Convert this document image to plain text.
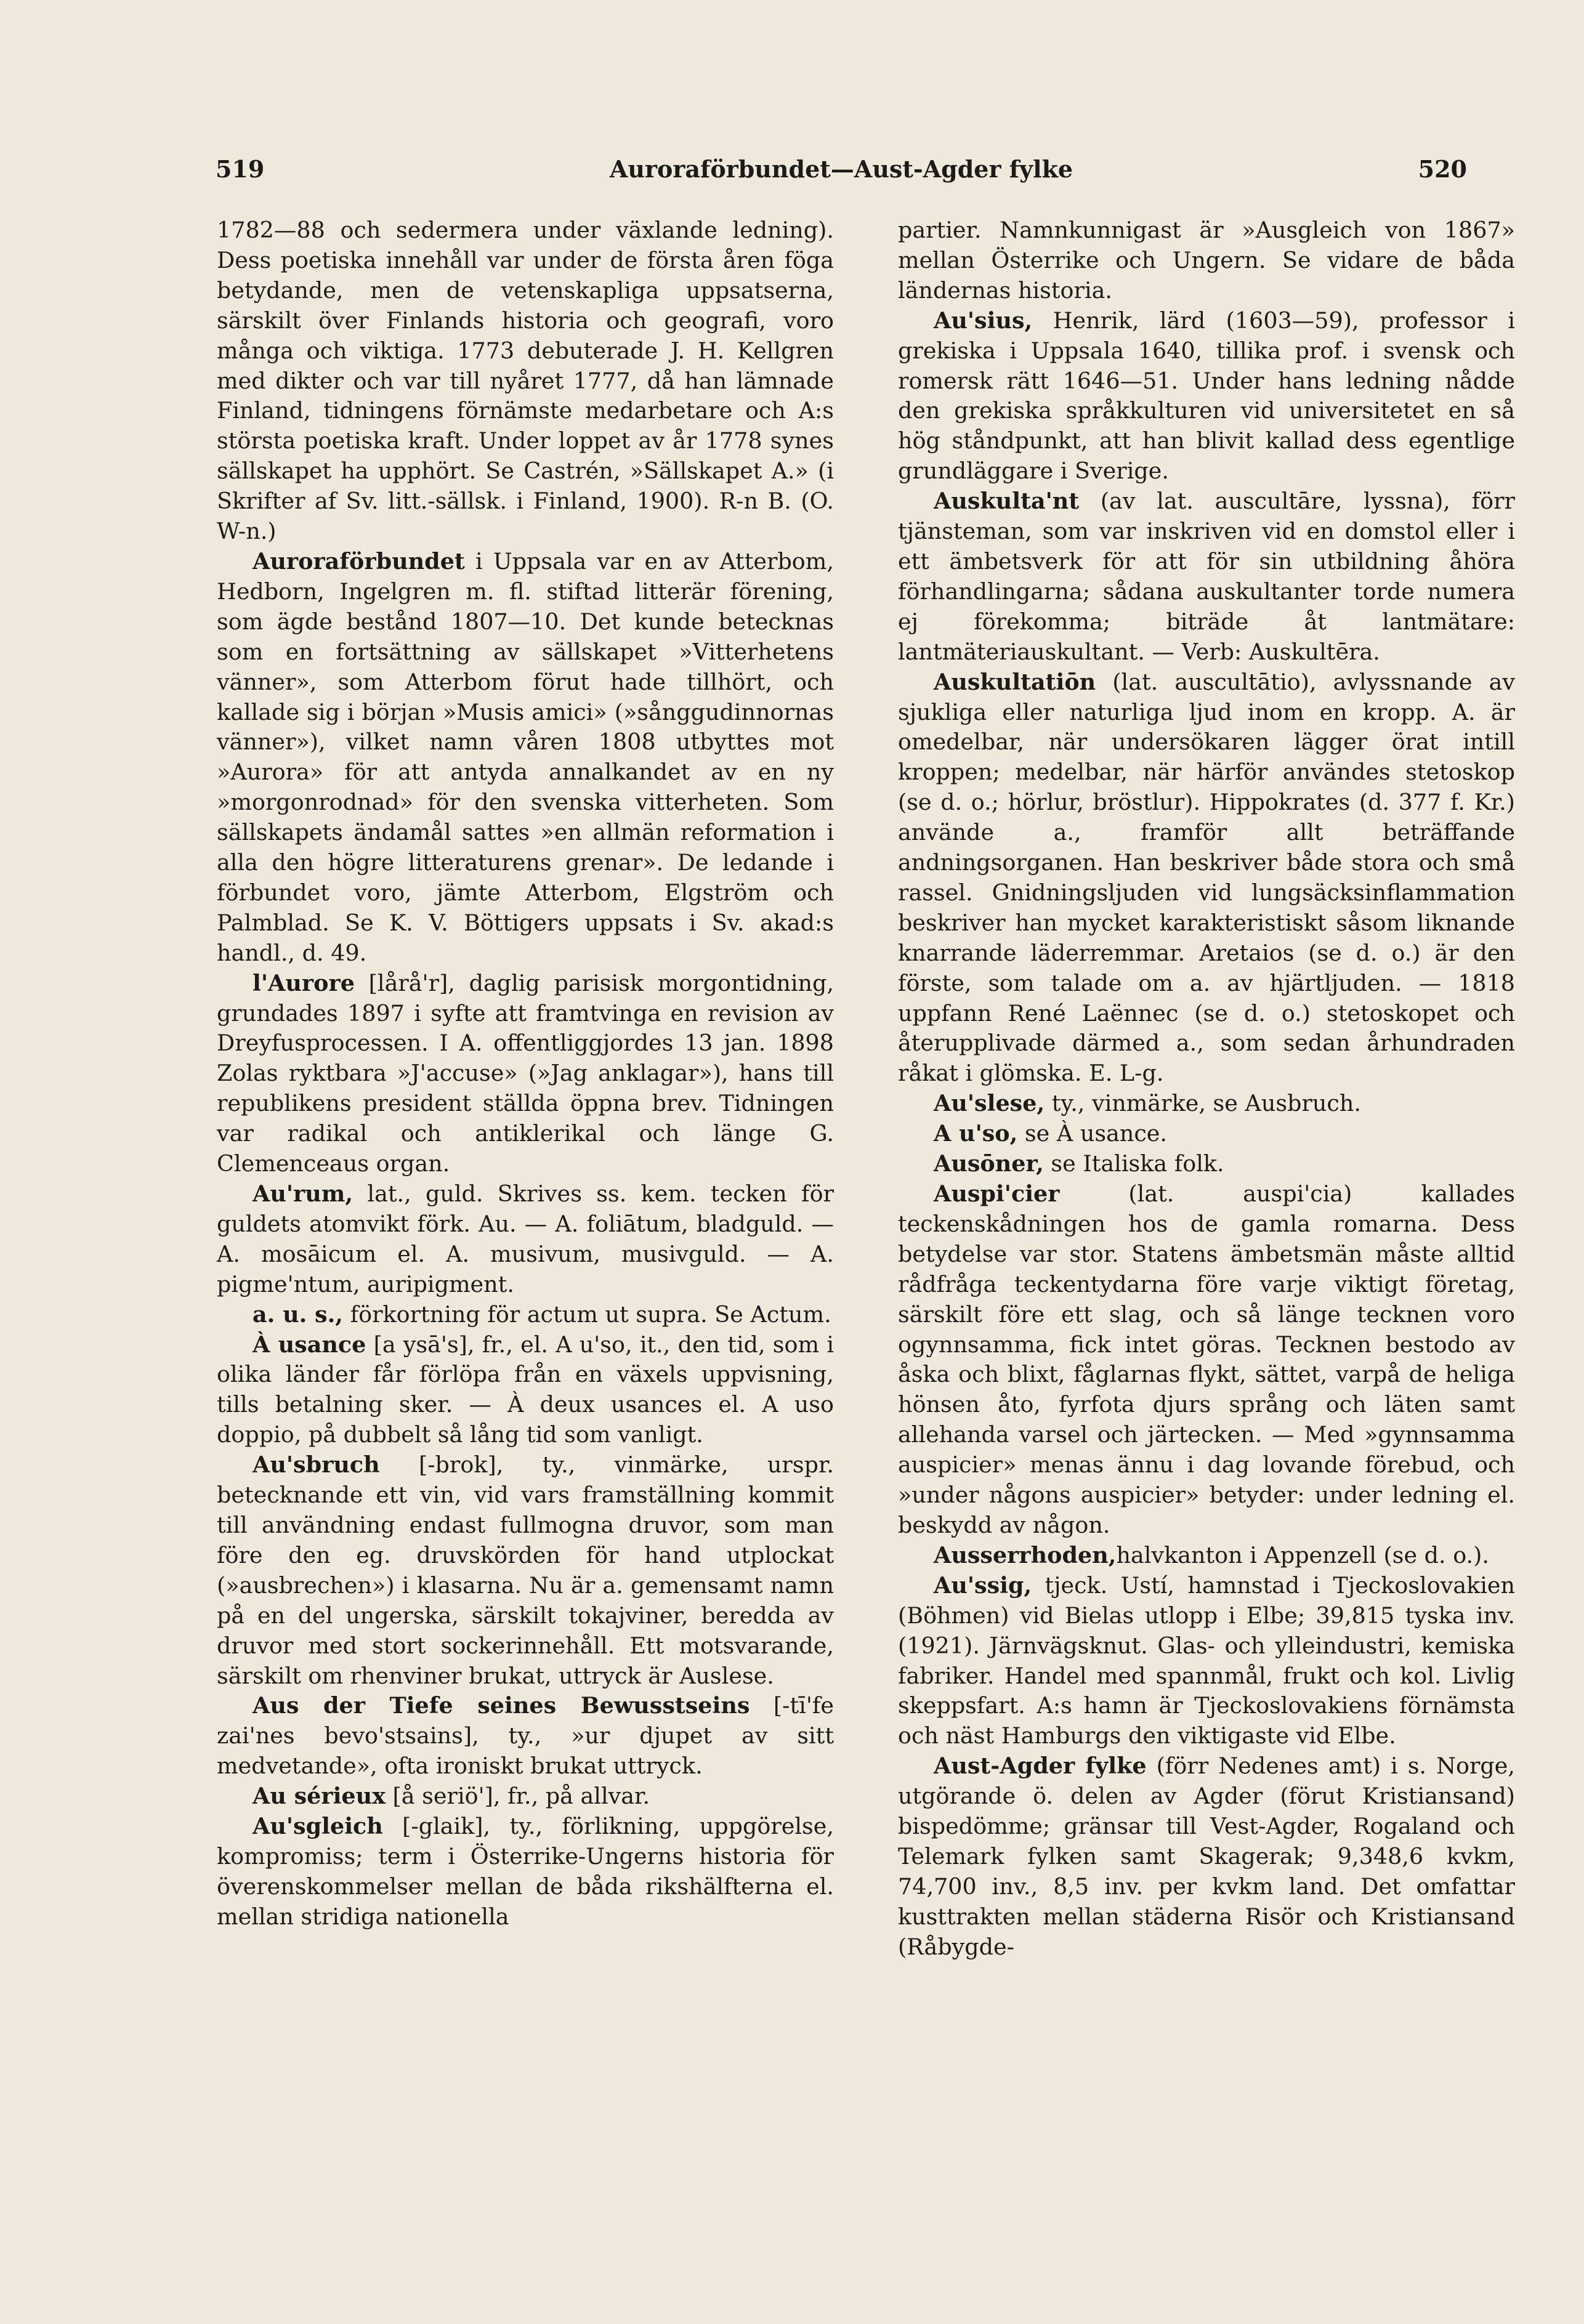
519	Auroraförbundet—Aust-Agder fylke	520

1782—88 och sedermera under växlande ledning). Dess poetiska innehåll var under de första åren föga betydande, men de vetenskapliga uppsatserna, särskilt över Finlands historia och geografi, voro många och viktiga. 1773 debuterade J. H. Kellgren med dikter och var till nyåret 1777, då han lämnade Finland, tidningens förnämste medarbetare och A:s största poetiska kraft. Under loppet av år 1778 synes sällskapet ha upphört. Se Castrén, »Sällskapet A.» (i Skrifter af Sv. litt.-sällsk. i Finland, 1900). R-n B. (O. W-n.)

Auroraförbundet i Uppsala var en av Atterbom, Hedborn, Ingelgren m. fl. stiftad litterär förening, som ägde bestånd 1807—10. Det kunde betecknas som en fortsättning av sällskapet »Vitterhetens vänner», som Atterbom förut hade tillhört, och kallade sig i början »Musis amici» (»sånggudinnornas vänner»), vilket namn våren 1808 utbyttes mot »Aurora» för att antyda annalkandet av en ny »morgonrodnad» för den svenska vitterheten. Som sällskapets ändamål sattes »en allmän reformation i alla den högre litteraturens grenar». De ledande i förbundet voro, jämte Atterbom, Elgström och Palmblad. Se K. V. Böttigers uppsats i Sv. akad:s handl., d. 49.

l'Aurore [lårå'r], daglig parisisk morgontidning, grundades 1897 i syfte att framtvinga en revision av Dreyfusprocessen. I A. offentliggjordes 13 jan. 1898 Zolas ryktbara »J'accuse» (»Jag anklagar»), hans till republikens president ställda öppna brev. Tidningen var radikal och antiklerikal och länge G. Clemenceaus organ.

Au'rum, lat., guld. Skrives ss. kem. tecken för guldets atomvikt förk. Au. — A. foliātum, bladguld. — A. mosāicum el. A. musivum, musivguld. — A. pigme'ntum, auripigment.

a. u. s., förkortning för actum ut supra. Se Actum.

À usance [a ysā's], fr., el. A u'so, it., den tid, som i olika länder får förlöpa från en växels uppvisning, tills betalning sker. — À deux usances el. A uso doppio, på dubbelt så lång tid som vanligt.

Au'sbruch [-brok], ty., vinmärke, urspr. betecknande ett vin, vid vars framställning kommit till användning endast fullmogna druvor, som man före den eg. druvskörden för hand utplockat (»ausbrechen») i klasarna. Nu är a. gemensamt namn på en del ungerska, särskilt tokajviner, beredda av druvor med stort sockerinnehåll. Ett motsvarande, särskilt om rhenviner brukat, uttryck är Auslese.

Aus der Tiefe seines Bewusstseins [-tī'fe zai'nes bevo'stsains], ty., »ur djupet av sitt medvetande», ofta ironiskt brukat uttryck.

Au sérieux [å seriö'], fr., på allvar.

Au'sgleich [-glaik], ty., förlikning, uppgörelse, kompromiss; term i Österrike-Ungerns historia för överenskommelser mellan de båda rikshälfterna el. mellan stridiga nationella

partier. Namnkunnigast är »Ausgleich von 1867» mellan Österrike och Ungern. Se vidare de båda ländernas historia.

Au'sius, Henrik, lärd (1603—59), professor i grekiska i Uppsala 1640, tillika prof. i svensk och romersk rätt 1646—51. Under hans ledning nådde den grekiska språkkulturen vid universitetet en så hög ståndpunkt, att han blivit kallad dess egentlige grundläggare i Sverige.

Auskulta'nt (av lat. auscultāre, lyssna), förr tjänsteman, som var inskriven vid en domstol eller i ett ämbetsverk för att för sin utbildning åhöra förhandlingarna; sådana auskultanter torde numera ej förekomma; biträde åt lantmätare: lantmäteriauskultant. — Verb: Auskultēra.

Auskultatiōn (lat. auscultātio), avlyssnande av sjukliga eller naturliga ljud inom en kropp. A. är omedelbar, när undersökaren lägger örat intill kroppen; medelbar, när härför användes stetoskop (se d. o.; hörlur, bröstlur). Hippokrates (d. 377 f. Kr.) använde a., framför allt beträffande andningsorganen. Han beskriver både stora och små rassel. Gnidningsljuden vid lungsäcksinflammation beskriver han mycket karakteristiskt såsom liknande knarrande läderremmar. Aretaios (se d. o.) är den förste, som talade om a. av hjärtljuden. — 1818 uppfann René Laënnec (se d. o.) stetoskopet och återupplivade därmed a., som sedan århundraden råkat i glömska. E. L-g.

Au'slese, ty., vinmärke, se Ausbruch.

A u'so, se À usance.

Ausōner, se Italiska folk.

Auspi'cier (lat. auspi'cia) kallades teckenskådningen hos de gamla romarna. Dess betydelse var stor. Statens ämbetsmän måste alltid rådfråga teckentydarna före varje viktigt företag, särskilt före ett slag, och så länge tecknen voro ogynnsamma, fick intet göras. Tecknen bestodo av åska och blixt, fåglarnas flykt, sättet, varpå de heliga hönsen åto, fyrfota djurs språng och läten samt allehanda varsel och järtecken. — Med »gynnsamma auspicier» menas ännu i dag lovande förebud, och »under någons auspicier» betyder: under ledning el. beskydd av någon.

Ausserrhoden,halvkanton i Appenzell (se d. o.).

Au'ssig, tjeck. Ustí, hamnstad i Tjeckoslovakien (Böhmen) vid Bielas utlopp i Elbe; 39,815 tyska inv. (1921). Järnvägsknut. Glas- och ylleindustri, kemiska fabriker. Handel med spannmål, frukt och kol. Livlig skeppsfart. A:s hamn är Tjeckoslovakiens förnämsta och näst Hamburgs den viktigaste vid Elbe.

Aust-Agder fylke (förr Nedenes amt) i s. Norge, utgörande ö. delen av Agder (förut Kristiansand) bispedömme; gränsar till Vest-Agder, Rogaland och Telemark fylken samt Skagerak; 9,348,6 kvkm, 74,700 inv., 8,5 inv. per kvkm land. Det omfattar kusttrakten mellan städerna Risör och Kristiansand (Råbygde-
